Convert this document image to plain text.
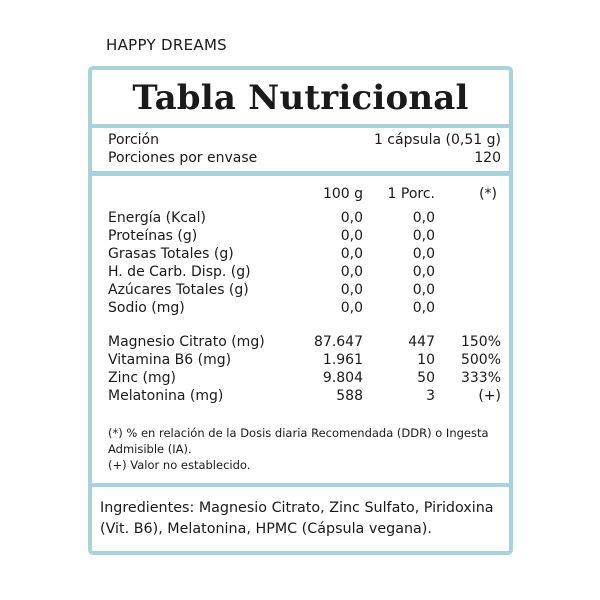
HAPPY DREAMS
Tabla Nutricional
Porción	1 cápsula (0,51 g)
Porciones por envase	120
100 g 1 Porc.	(*)
Energía (Kcal)	0,0	0,0
Proteínas (g)	0,0	0,0
Grasas Totales (g)	0,0	0,0
H. de Carb. Disp. (g)	0,0	0,0
Azúcares Totales (g)	0,0	0,0
Sodio (mg)	0,0	0,0
Magnesio Citrato (mg)	87.647	447 150%
Vitamina B6 (mg)	1.961	10 500%
Zinc (mg)	9.804	50 333%
Melatonina (mg)	588	3	(+)
(*) % en relación de la Dosis diaria Recomendada (DDR) o Ingesta
Admisible (IA).
(+) Valor no establecido.
Ingredientes: Magnesio Citrato, Zinc Sulfato, Piridoxina (Vit. B6), Melatonina, HPMC (Cápsula vegana).
